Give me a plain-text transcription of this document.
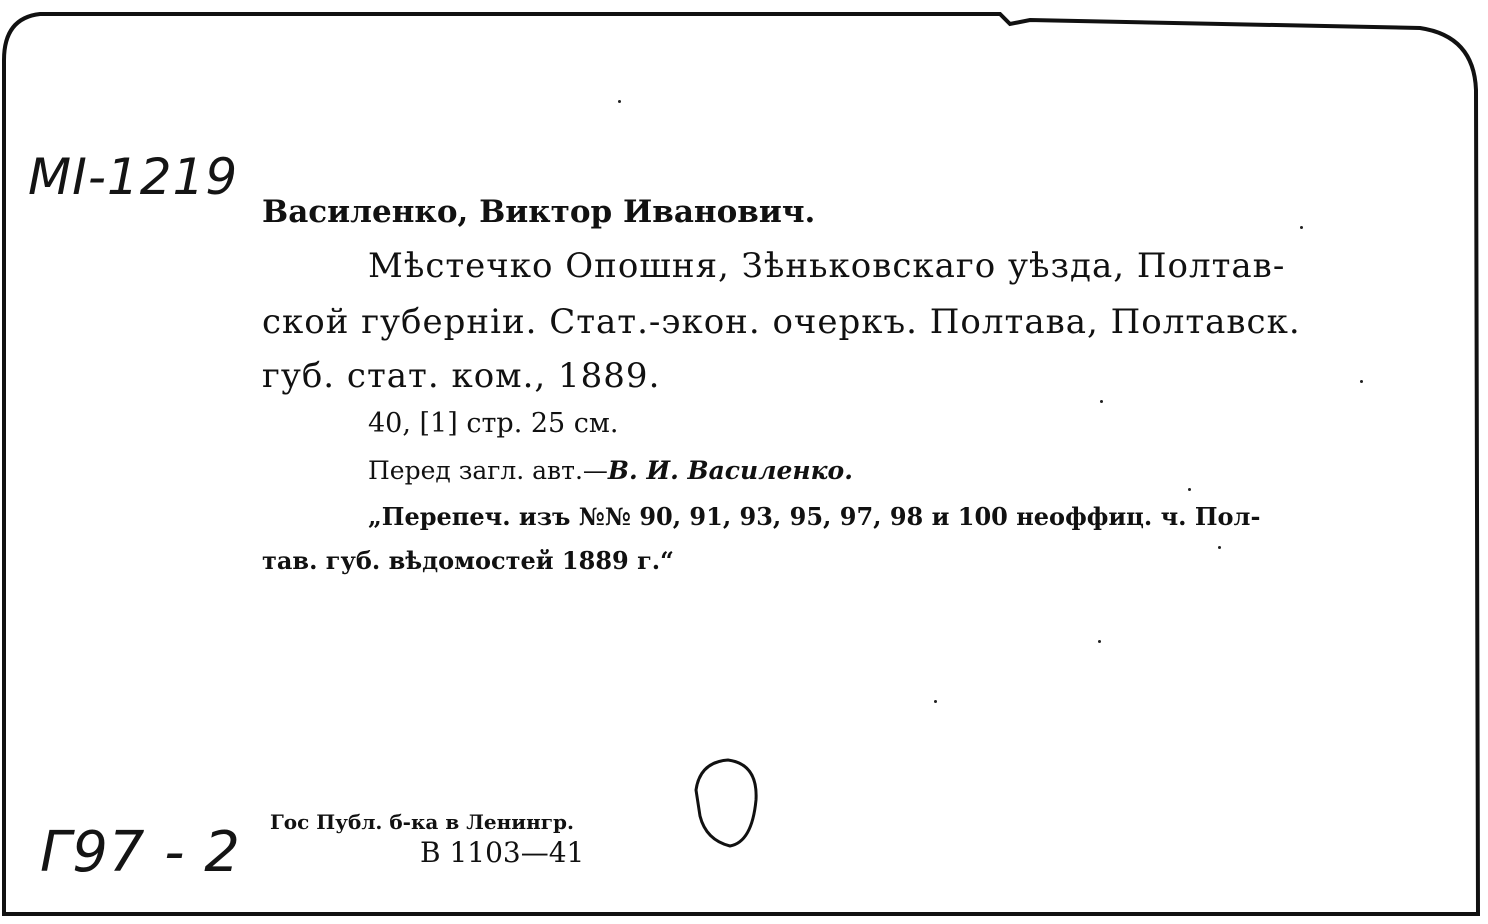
MI-1219
Василенко, Виктор Иванович.
Мѣстечко Опошня, Зѣньковскаго уѣзда, Полтав-
ской губерніи. Стат.-экон. очеркъ. Полтава, Полтавск.
губ. стат. ком., 1889.
40, [1] стр. 25 см.
Перед загл. авт.—В. И. Василенко.
„Перепеч. изъ №№ 90, 91, 93, 95, 97, 98 и 100 неоффиц. ч. Пол-
тав. губ. вѣдомостей 1889 г.“
Гос Публ. б-ка в Ленингр.
B 1103—41
Г97 - 2
